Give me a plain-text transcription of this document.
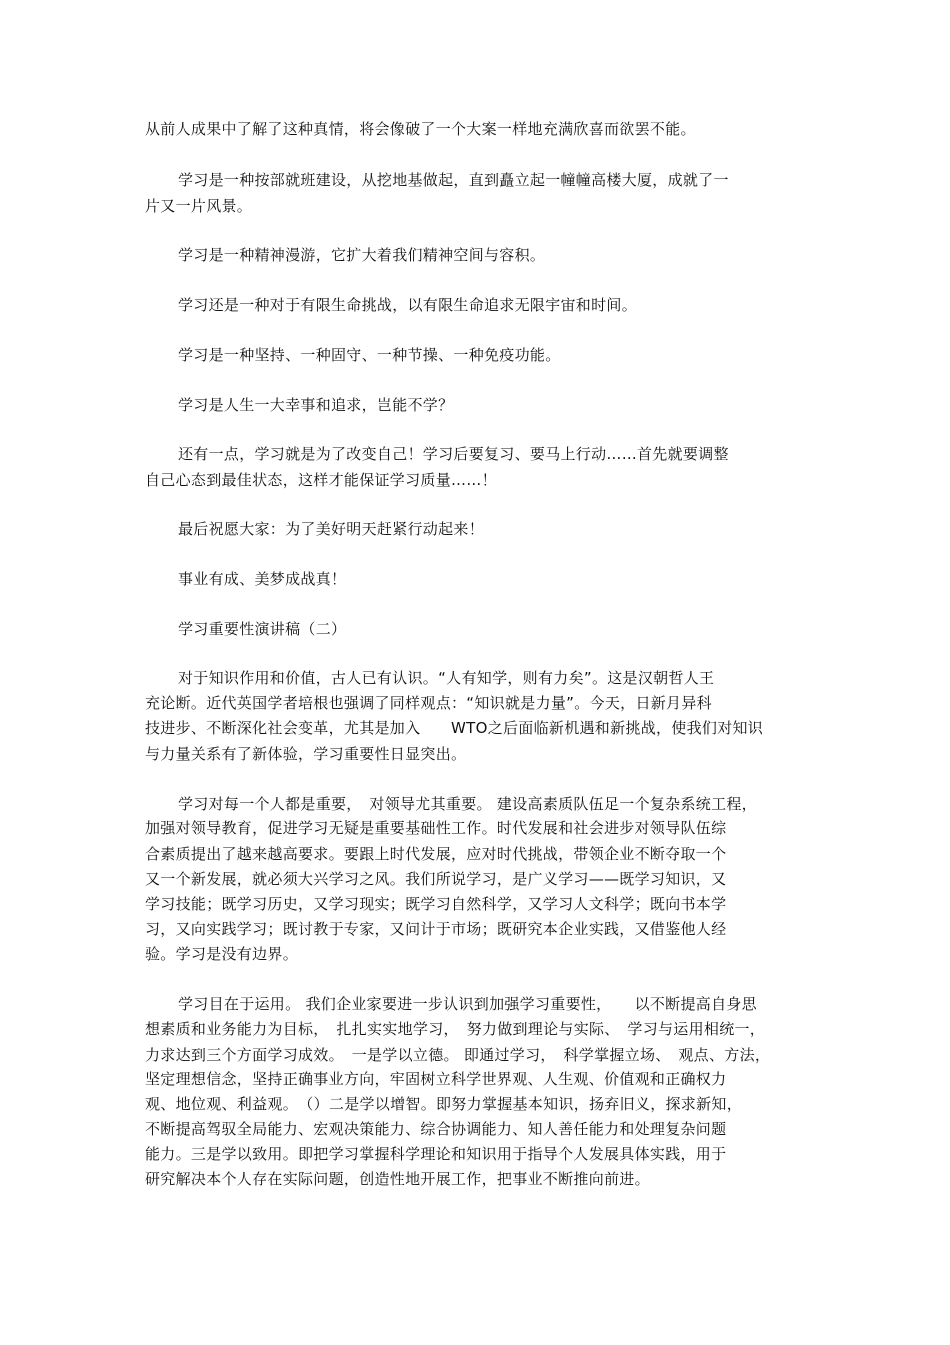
从前人成果中了解了这种真情，将会像破了一个大案一样地充满欣喜而欲罢不能。
学习是一种按部就班建设，从挖地基做起，直到矗立起一幢幢高楼大厦，成就了一
片又一片风景。
学习是一种精神漫游，它扩大着我们精神空间与容积。
学习还是一种对于有限生命挑战，以有限生命追求无限宇宙和时间。
学习是一种坚持、一种固守、一种节操、一种免疫功能。
学习是人生一大幸事和追求，岂能不学？
还有一点，学习就是为了改变自己！学习后要复习、要马上行动……首先就要调整
自己心态到最佳状态，这样才能保证学习质量……！
最后祝愿大家：为了美好明天赶紧行动起来！
事业有成、美梦成战真！
学习重要性演讲稿（二）
对于知识作用和价值，古人已有认识。“人有知学，则有力矣”。这是汉朝哲人王
充论断。近代英国学者培根也强调了同样观点：“知识就是力量”。今天，日新月异科
技进步、不断深化社会变革，尤其是加入　　WTO之后面临新机遇和新挑战，使我们对知识
与力量关系有了新体验，学习重要性日显突出。
学习对每一个人都是重要，　对领导尤其重要。 建设高素质队伍足一个复杂系统工程，
加强对领导教育，促进学习无疑是重要基础性工作。时代发展和社会进步对领导队伍综
合素质提出了越来越高要求。要跟上时代发展，应对时代挑战，带领企业不断夺取一个
又一个新发展，就必须大兴学习之风。我们所说学习，是广义学习——既学习知识，又
学习技能；既学习历史，又学习现实；既学习自然科学，又学习人文科学；既向书本学
习，又向实践学习；既讨教于专家，又问计于市场；既研究本企业实践，又借鉴他人经
验。学习是没有边界。
学习目在于运用。 我们企业家要进一步认识到加强学习重要性，　　以不断提高自身思
想素质和业务能力为目标，　扎扎实实地学习，　努力做到理论与实际、　学习与运用相统一，
力求达到三个方面学习成效。　一是学以立德。 即通过学习，　科学掌握立场、　观点、方法，
坚定理想信念，坚持正确事业方向，牢固树立科学世界观、人生观、价值观和正确权力
观、地位观、利益观。　（）二是学以增智。即努力掌握基本知识，扬弃旧义，探求新知，
不断提高驾驭全局能力、宏观决策能力、综合协调能力、知人善任能力和处理复杂问题
能力。三是学以致用。即把学习掌握科学理论和知识用于指导个人发展具体实践，用于
研究解决本个人存在实际问题，创造性地开展工作，把事业不断推向前进。
